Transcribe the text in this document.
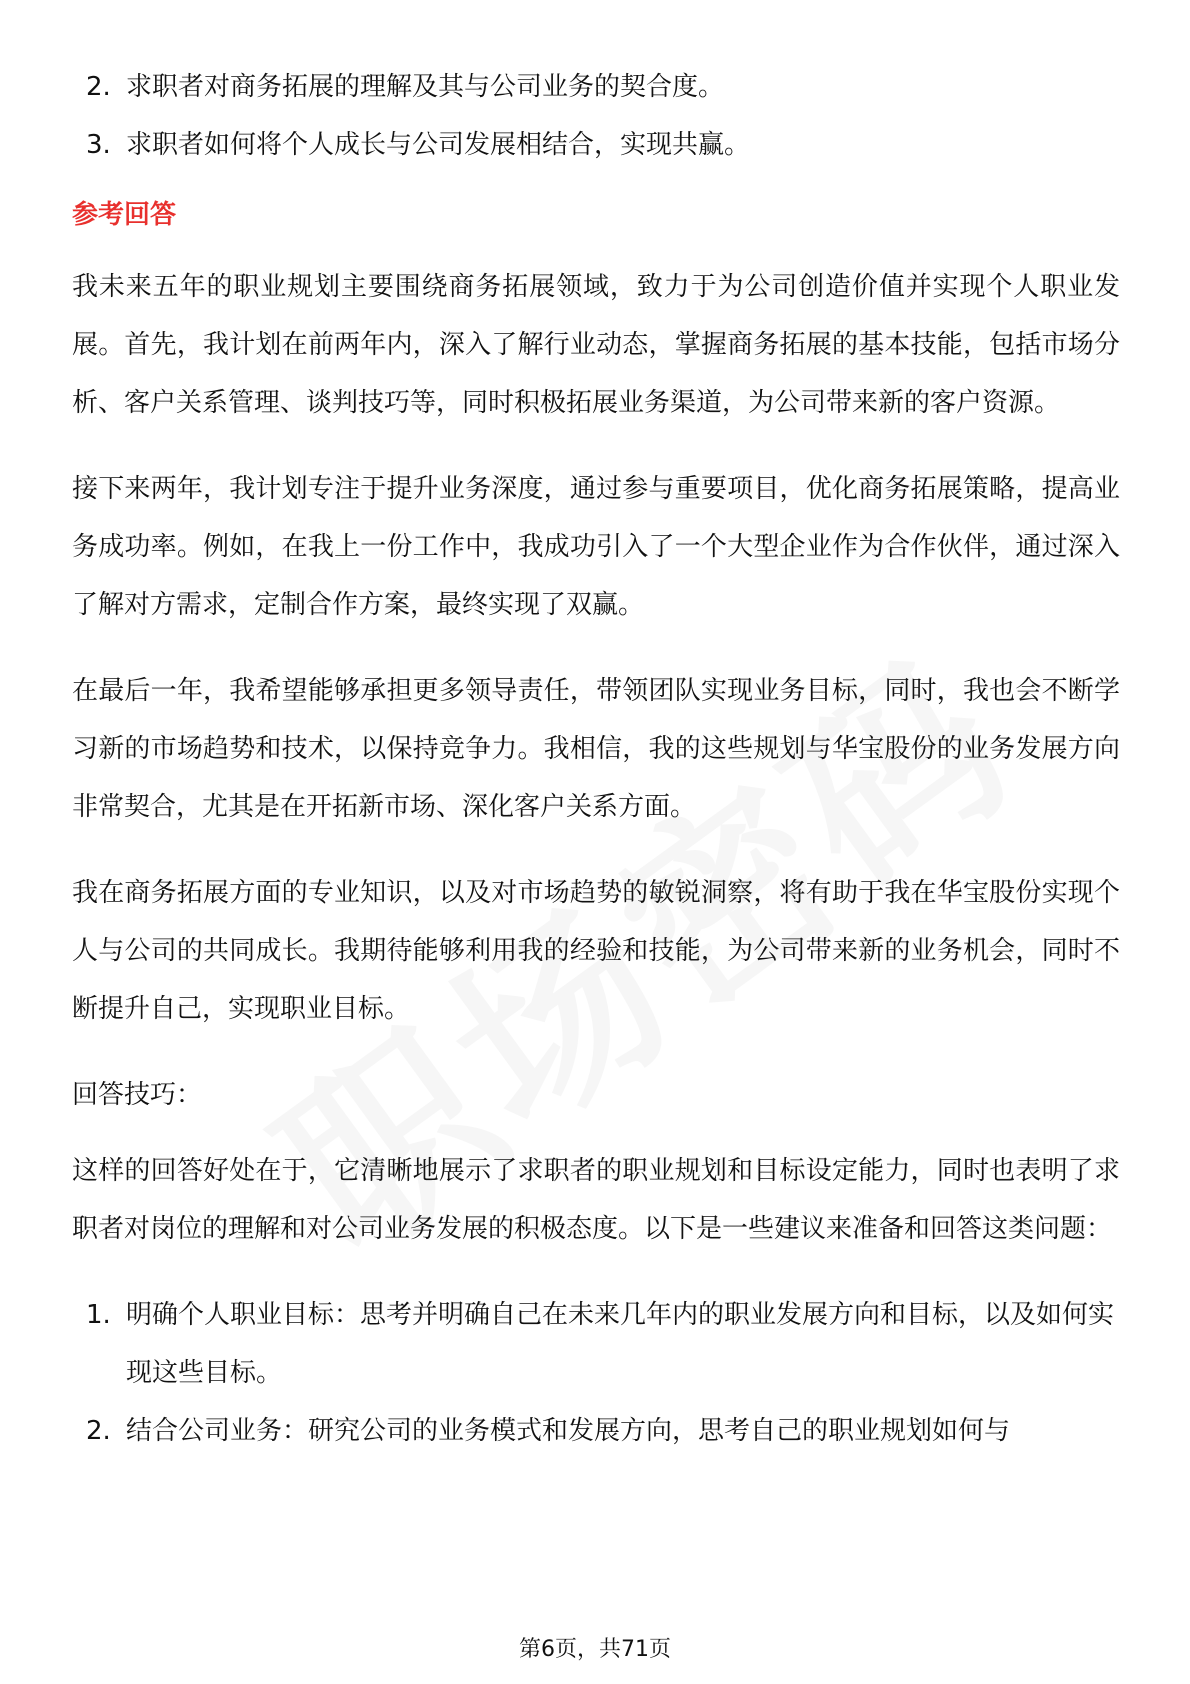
2. 求职者对商务拓展的理解及其与公司业务的契合度。
3. 求职者如何将个人成长与公司发展相结合，实现共赢。
参考回答

我未来五年的职业规划主要围绕商务拓展领域，致力于为公司创造价值并实现个人职业发展。首先，我计划在前两年内，深入了解行业动态，掌握商务拓展的基本技能，包括市场分析、客户关系管理、谈判技巧等，同时积极拓展业务渠道，为公司带来新的客户资源。

接下来两年，我计划专注于提升业务深度，通过参与重要项目，优化商务拓展策略，提高业务成功率。例如，在我上一份工作中，我成功引入了一个大型企业作为合作伙伴，通过深入了解对方需求，定制合作方案，最终实现了双赢。

在最后一年，我希望能够承担更多领导责任，带领团队实现业务目标，同时，我也会不断学习新的市场趋势和技术，以保持竞争力。我相信，我的这些规划与华宝股份的业务发展方向非常契合，尤其是在开拓新市场、深化客户关系方面。

我在商务拓展方面的专业知识，以及对市场趋势的敏锐洞察，将有助于我在华宝股份实现个人与公司的共同成长。我期待能够利用我的经验和技能，为公司带来新的业务机会，同时不断提升自己，实现职业目标。

回答技巧：

这样的回答好处在于，它清晰地展示了求职者的职业规划和目标设定能力，同时也表明了求职者对岗位的理解和对公司业务发展的积极态度。以下是一些建议来准备和回答这类问题：

1. 明确个人职业目标：思考并明确自己在未来几年内的职业发展方向和目标，以及如何实现这些目标。
2. 结合公司业务：研究公司的业务模式和发展方向，思考自己的职业规划如何与
第6页，共71页
